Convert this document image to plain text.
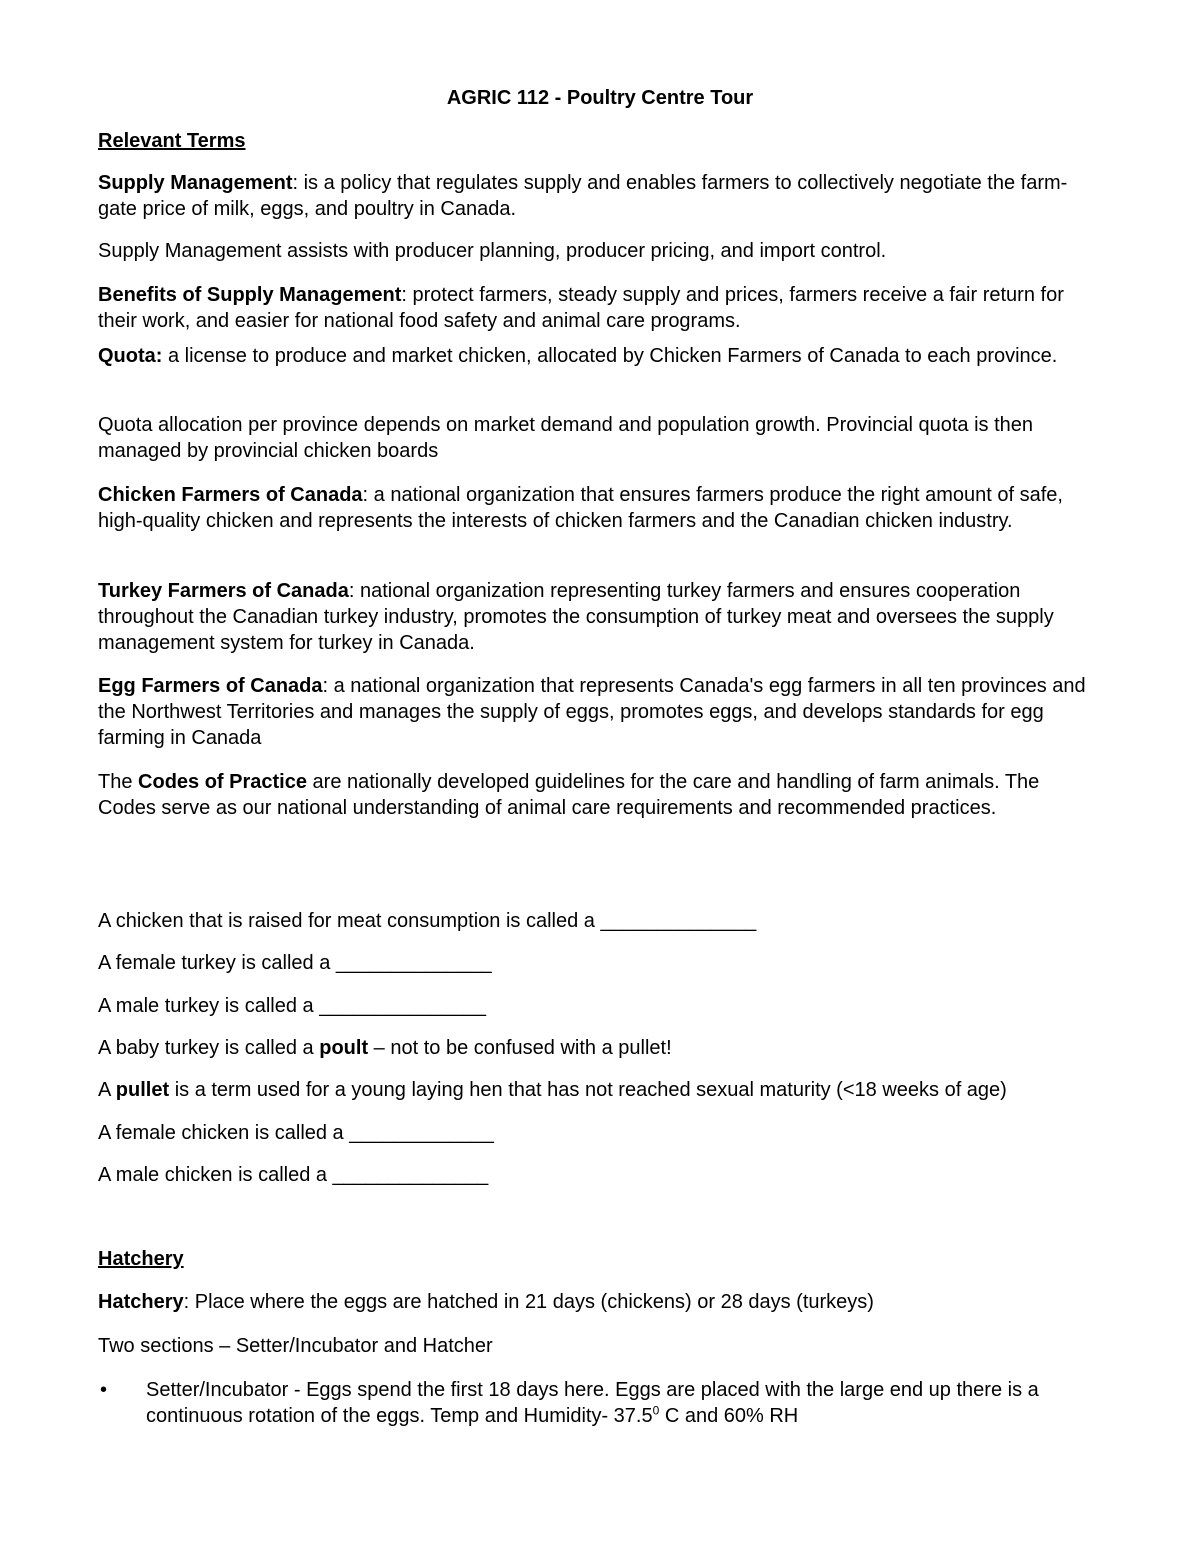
AGRIC 112 - Poultry Centre Tour

Relevant Terms

Supply Management: is a policy that regulates supply and enables farmers to collectively negotiate the farm-gate price of milk, eggs, and poultry in Canada.

Supply Management assists with producer planning, producer pricing, and import control.

Benefits of Supply Management: protect farmers, steady supply and prices, farmers receive a fair return for their work, and easier for national food safety and animal care programs.

Quota: a license to produce and market chicken, allocated by Chicken Farmers of Canada to each province.

Quota allocation per province depends on market demand and population growth. Provincial quota is then managed by provincial chicken boards

Chicken Farmers of Canada: a national organization that ensures farmers produce the right amount of safe, high-quality chicken and represents the interests of chicken farmers and the Canadian chicken industry.

Turkey Farmers of Canada: national organization representing turkey farmers and ensures cooperation throughout the Canadian turkey industry, promotes the consumption of turkey meat and oversees the supply management system for turkey in Canada.

Egg Farmers of Canada: a national organization that represents Canada's egg farmers in all ten provinces and the Northwest Territories and manages the supply of eggs, promotes eggs, and develops standards for egg farming in Canada

The Codes of Practice are nationally developed guidelines for the care and handling of farm animals. The Codes serve as our national understanding of animal care requirements and recommended practices.

A chicken that is raised for meat consumption is called a ______________

A female turkey is called a ______________

A male turkey is called a _______________

A baby turkey is called a poult – not to be confused with a pullet!

A pullet is a term used for a young laying hen that has not reached sexual maturity (<18 weeks of age)

A female chicken is called a _____________

A male chicken is called a ______________

Hatchery

Hatchery: Place where the eggs are hatched in 21 days (chickens) or 28 days (turkeys)

Two sections – Setter/Incubator and Hatcher

• Setter/Incubator - Eggs spend the first 18 days here. Eggs are placed with the large end up there is a continuous rotation of the eggs. Temp and Humidity- 37.5$^0$ C and 60% RH
